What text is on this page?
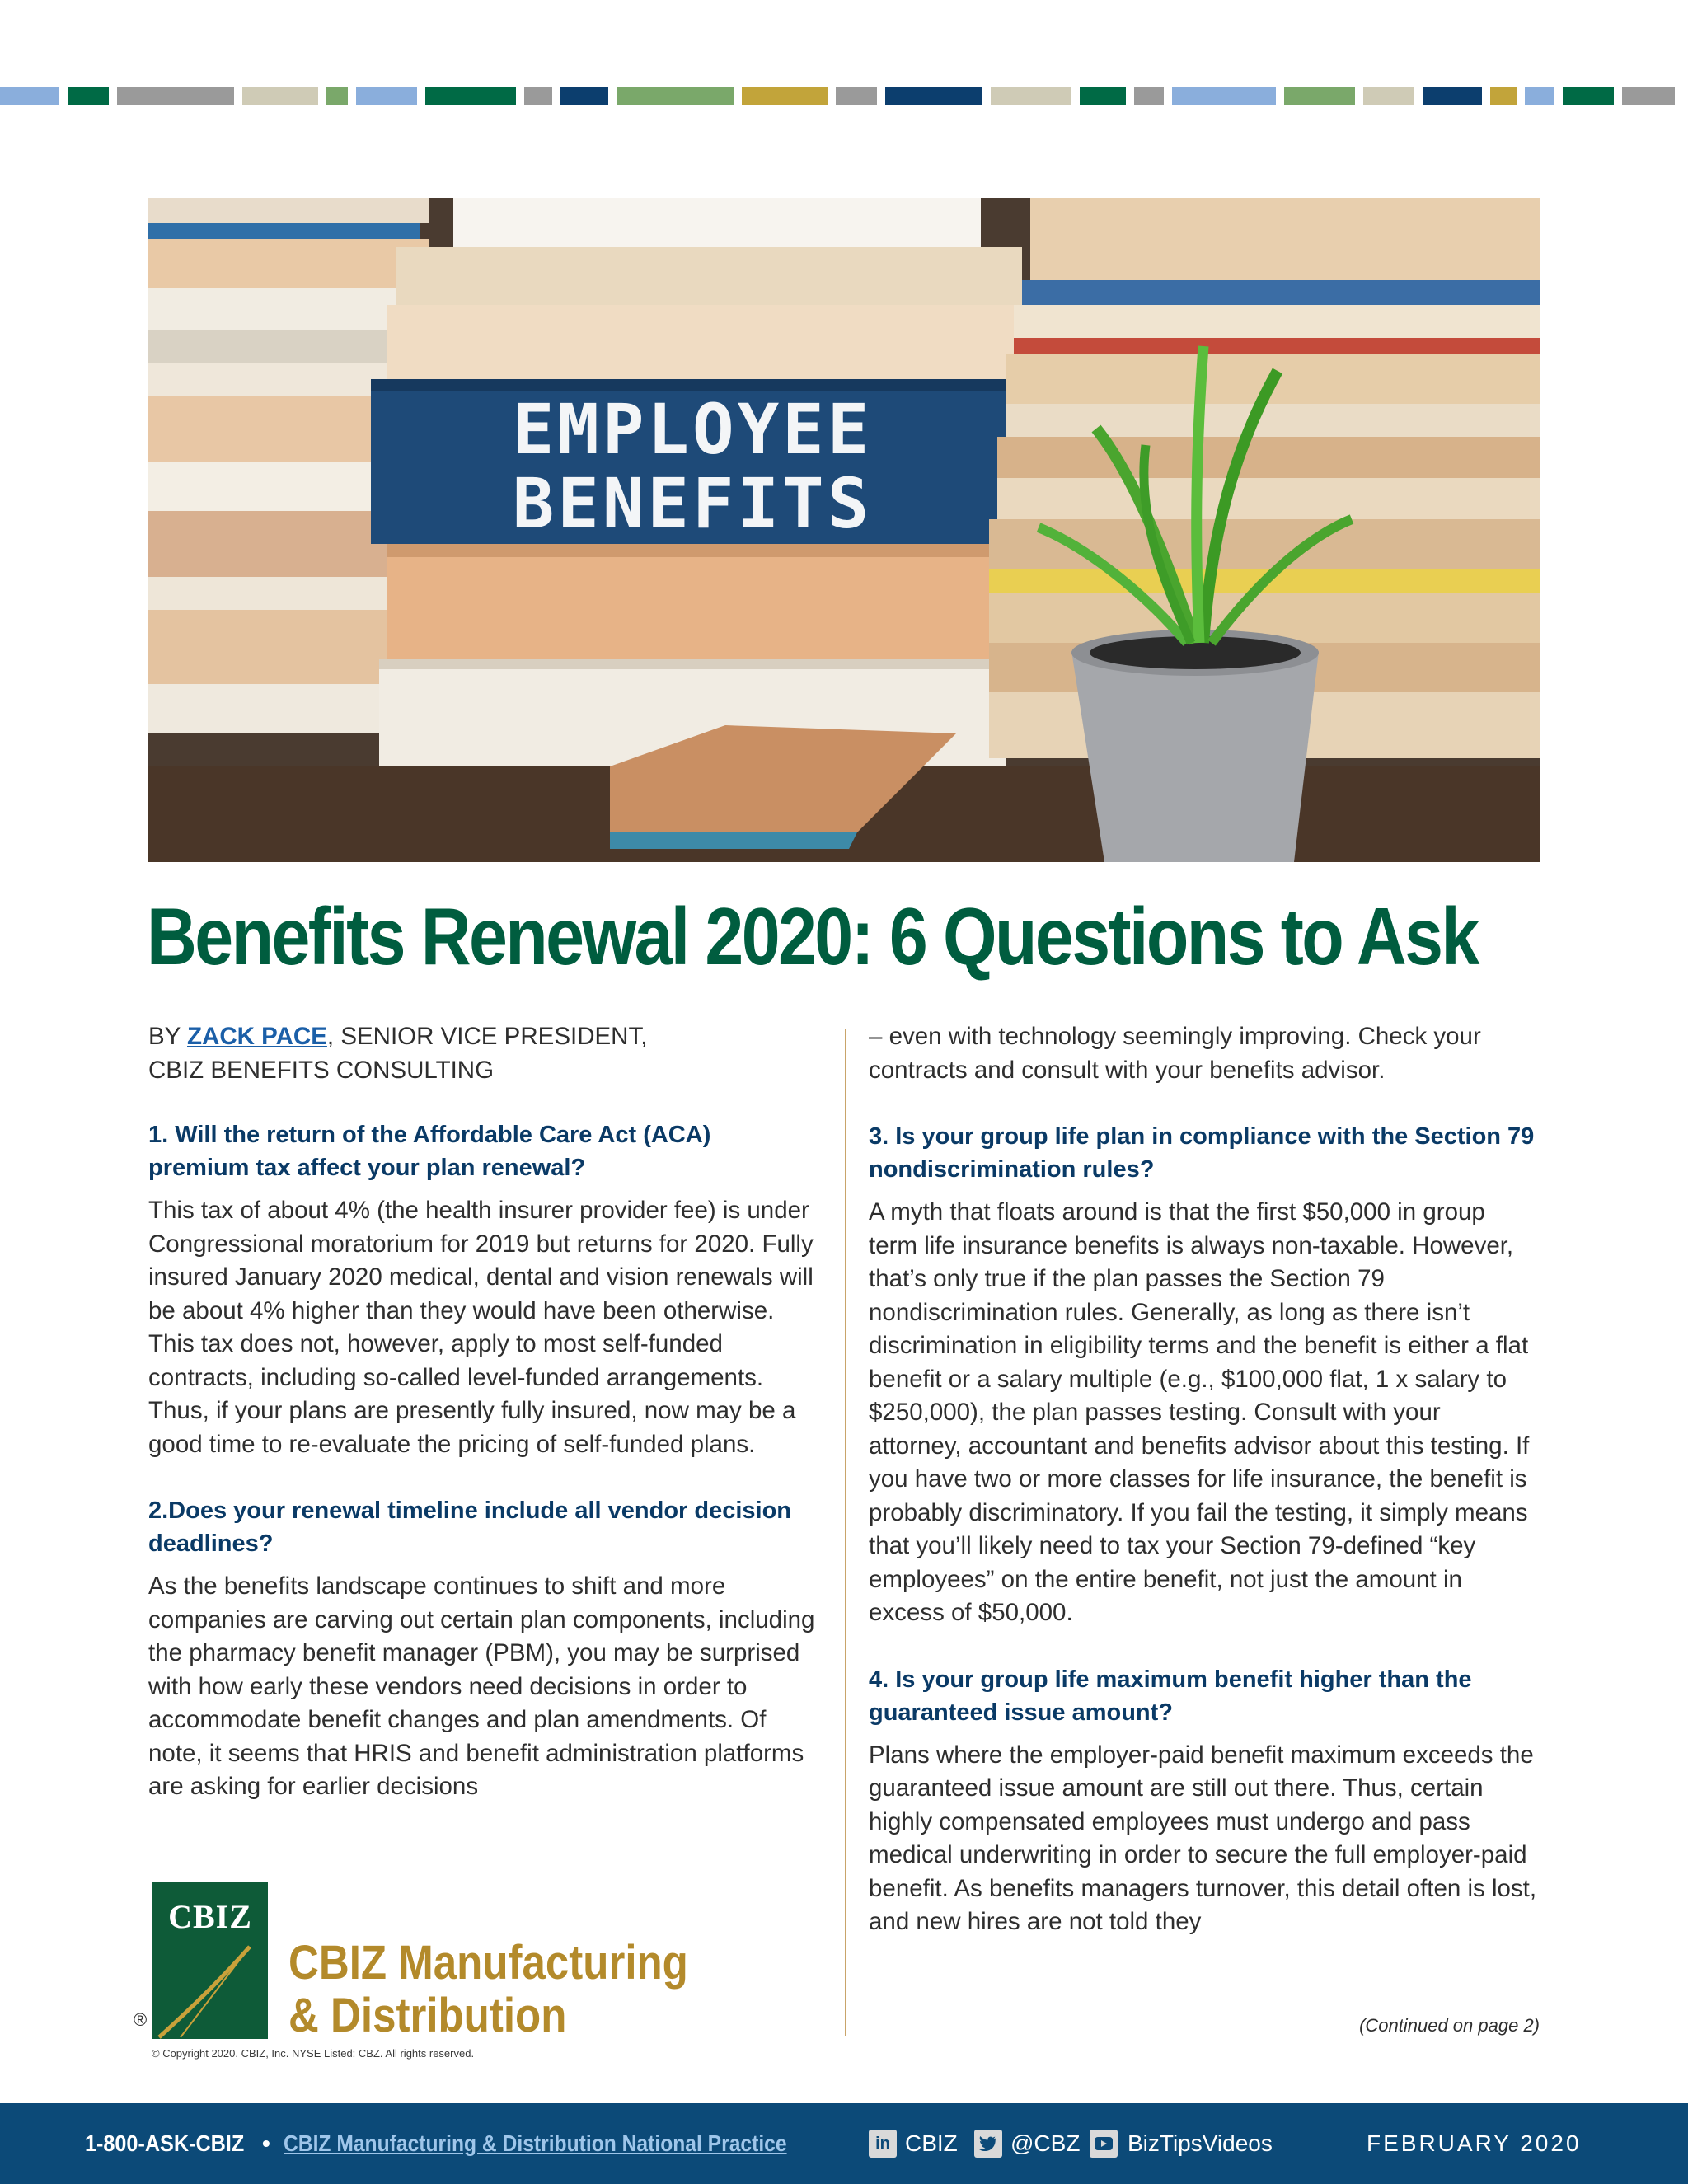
EMPLOYEE
BENEFITS
Benefits Renewal 2020: 6 Questions to Ask

BY ZACK PACE, SENIOR VICE PRESIDENT,
CBIZ BENEFITS CONSULTING

1. Will the return of the Affordable Care Act (ACA) premium tax affect your plan renewal?

This tax of about 4% (the health insurer provider fee) is under Congressional moratorium for 2019 but returns for 2020. Fully insured January 2020 medical, dental and vision renewals will be about 4% higher than they would have been otherwise. This tax does not, however, apply to most self-funded contracts, including so-called level-funded arrangements. Thus, if your plans are presently fully insured, now may be a good time to re-evaluate the pricing of self-funded plans.

2.Does your renewal timeline include all vendor decision deadlines?

As the benefits landscape continues to shift and more companies are carving out certain plan components, including the pharmacy benefit manager (PBM), you may be surprised with how early these vendors need decisions in order to accommodate benefit changes and plan amendments. Of note, it seems that HRIS and benefit administration platforms are asking for earlier decisions

– even with technology seemingly improving. Check your contracts and consult with your benefits advisor.

3. Is your group life plan in compliance with the Section 79 nondiscrimination rules?

A myth that floats around is that the first $50,000 in group term life insurance benefits is always non-taxable. However, that’s only true if the plan passes the Section 79 nondiscrimination rules. Generally, as long as there isn’t discrimination in eligibility terms and the benefit is either a flat benefit or a salary multiple (e.g., $100,000 flat, 1 x salary to $250,000), the plan passes testing. Consult with your attorney, accountant and benefits advisor about this testing. If you have two or more classes for life insurance, the benefit is probably discriminatory. If you fail the testing, it simply means that you’ll likely need to tax your Section 79-defined “key employees” on the entire benefit, not just the amount in excess of $50,000.

4. Is your group life maximum benefit higher than the guaranteed issue amount?

Plans where the employer-paid benefit maximum exceeds the guaranteed issue amount are still out there. Thus, certain highly compensated employees must undergo and pass medical underwriting in order to secure the full employer-paid benefit. As benefits managers turnover, this detail often is lost, and new hires are not told they

(Continued on page 2)
CBIZ
®
CBIZ Manufacturing
& Distribution
© Copyright 2020. CBIZ, Inc. NYSE Listed: CBZ. All rights reserved.
1-800-ASK-CBIZ • CBIZ Manufacturing & Distribution National Practice	in CBIZ @CBZ BizTipsVideos	FEBRUARY 2020
